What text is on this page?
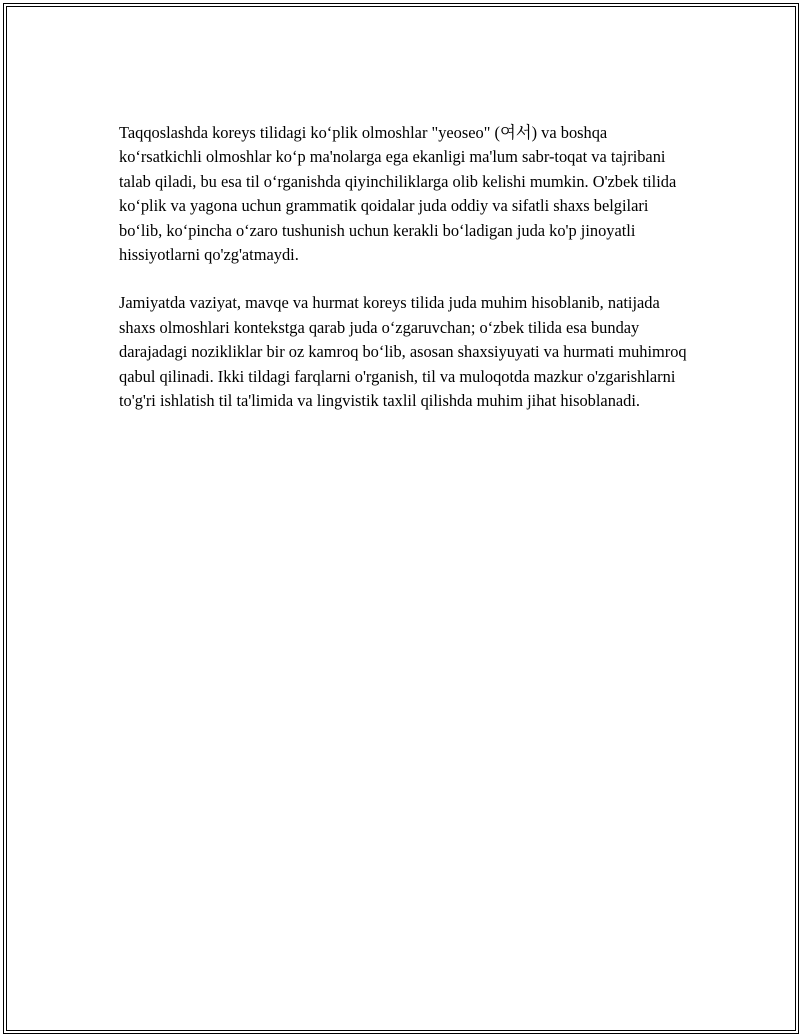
Taqqoslashda koreys tilidagi ko‘plik olmoshlar "yeoseo" (여서) va boshqa ko‘rsatkichli olmoshlar ko‘p ma'nolarga ega ekanligi ma'lum sabr-toqat va tajribani talab qiladi, bu esa til o‘rganishda qiyinchiliklarga olib kelishi mumkin. O'zbek tilida ko‘plik va yagona uchun grammatik qoidalar juda oddiy va sifatli shaxs belgilari bo‘lib, ko‘pincha o‘zaro tushunish uchun kerakli bo‘ladigan juda ko'p jinoyatli hissiyotlarni qo'zg'atmaydi.

Jamiyatda vaziyat, mavqe va hurmat koreys tilida juda muhim hisoblanib, natijada shaxs olmoshlari kontekstga qarab juda o‘zgaruvchan; o‘zbek tilida esa bunday darajadagi nozikliklar bir oz kamroq bo‘lib, asosan shaxsiyuyati va hurmati muhimroq qabul qilinadi. Ikki tildagi farqlarni o'rganish, til va muloqotda mazkur o'zgarishlarni to'g'ri ishlatish til ta'limida va lingvistik taxlil qilishda muhim jihat hisoblanadi.
